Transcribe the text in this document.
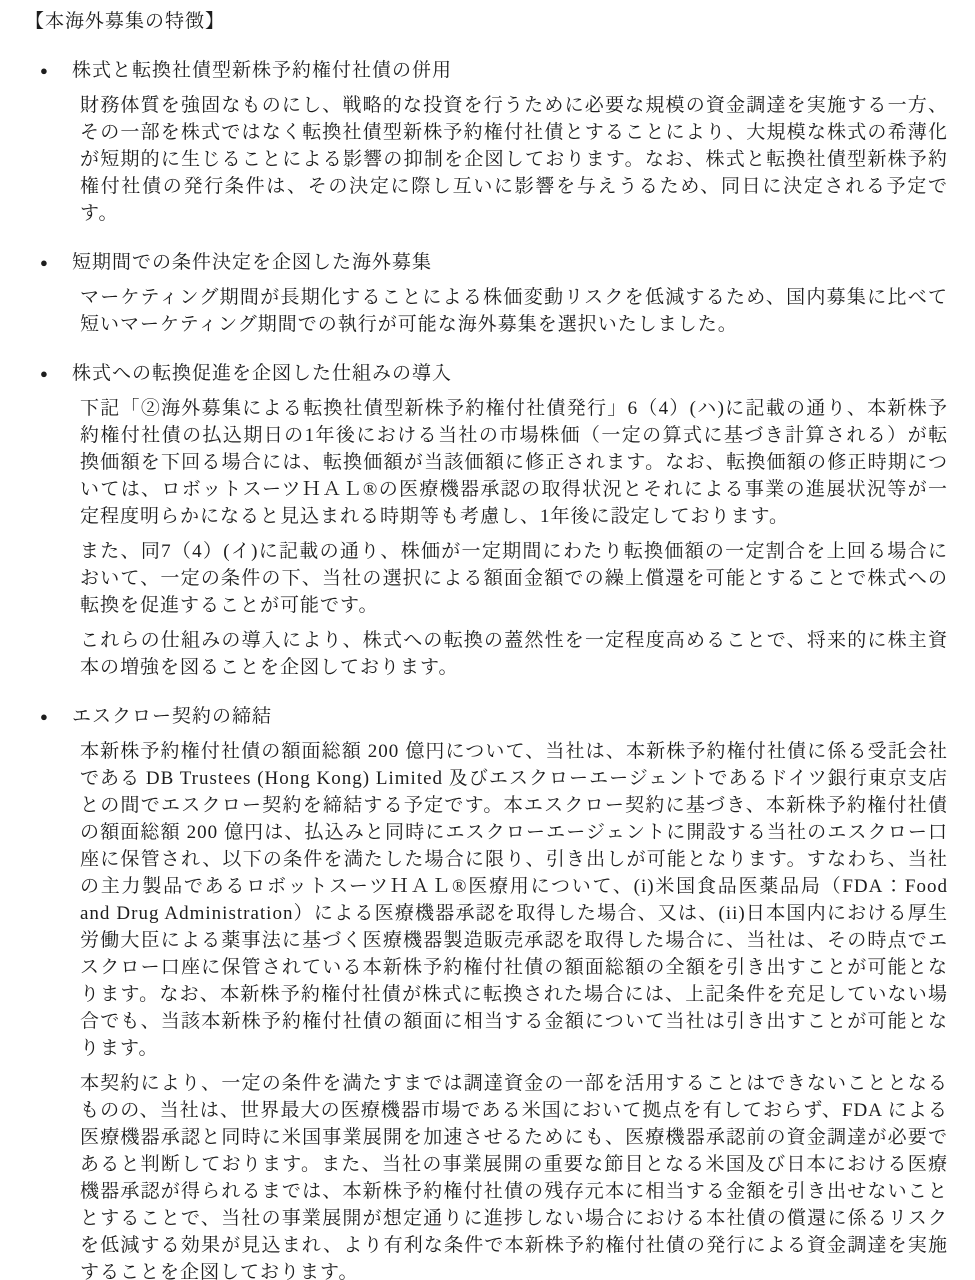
【本海外募集の特徴】
●	株式と転換社債型新株予約権付社債の併用

財務体質を強固なものにし、戦略的な投資を行うために必要な規模の資金調達を実施する一方、その一部を株式ではなく転換社債型新株予約権付社債とすることにより、大規模な株式の希薄化が短期的に生じることによる影響の抑制を企図しております。なお、株式と転換社債型新株予約権付社債の発行条件は、その決定に際し互いに影響を与えうるため、同日に決定される予定です。

●	短期間での条件決定を企図した海外募集

マーケティング期間が長期化することによる株価変動リスクを低減するため、国内募集に比べて短いマーケティング期間での執行が可能な海外募集を選択いたしました。

●	株式への転換促進を企図した仕組みの導入

下記「②海外募集による転換社債型新株予約権付社債発行」6（4）(ハ)に記載の通り、本新株予約権付社債の払込期日の1年後における当社の市場株価（一定の算式に基づき計算される）が転換価額を下回る場合には、転換価額が当該価額に修正されます。なお、転換価額の修正時期については、ロボットスーツＨＡＬ®の医療機器承認の取得状況とそれによる事業の進展状況等が一定程度明らかになると見込まれる時期等も考慮し、1年後に設定しております。

また、同7（4）(イ)に記載の通り、株価が一定期間にわたり転換価額の一定割合を上回る場合において、一定の条件の下、当社の選択による額面金額での繰上償還を可能とすることで株式への転換を促進することが可能です。

これらの仕組みの導入により、株式への転換の蓋然性を一定程度高めることで、将来的に株主資本の増強を図ることを企図しております。

●	エスクロー契約の締結

本新株予約権付社債の額面総額 200 億円について、当社は、本新株予約権付社債に係る受託会社である DB Trustees (Hong Kong) Limited 及びエスクローエージェントであるドイツ銀行東京支店との間でエスクロー契約を締結する予定です。本エスクロー契約に基づき、本新株予約権付社債の額面総額 200 億円は、払込みと同時にエスクローエージェントに開設する当社のエスクロー口座に保管され、以下の条件を満たした場合に限り、引き出しが可能となります。すなわち、当社の主力製品であるロボットスーツＨＡＬ®医療用について、(i)米国食品医薬品局（FDA：Food and Drug Administration）による医療機器承認を取得した場合、又は、(ii)日本国内における厚生労働大臣による薬事法に基づく医療機器製造販売承認を取得した場合に、当社は、その時点でエスクロー口座に保管されている本新株予約権付社債の額面総額の全額を引き出すことが可能となります。なお、本新株予約権付社債が株式に転換された場合には、上記条件を充足していない場合でも、当該本新株予約権付社債の額面に相当する金額について当社は引き出すことが可能となります。

本契約により、一定の条件を満たすまでは調達資金の一部を活用することはできないこととなるものの、当社は、世界最大の医療機器市場である米国において拠点を有しておらず、FDA による医療機器承認と同時に米国事業展開を加速させるためにも、医療機器承認前の資金調達が必要であると判断しております。また、当社の事業展開の重要な節目となる米国及び日本における医療機器承認が得られるまでは、本新株予約権付社債の残存元本に相当する金額を引き出せないこととすることで、当社の事業展開が想定通りに進捗しない場合における本社債の償還に係るリスクを低減する効果が見込まれ、より有利な条件で本新株予約権付社債の発行による資金調達を実施することを企図しております。
